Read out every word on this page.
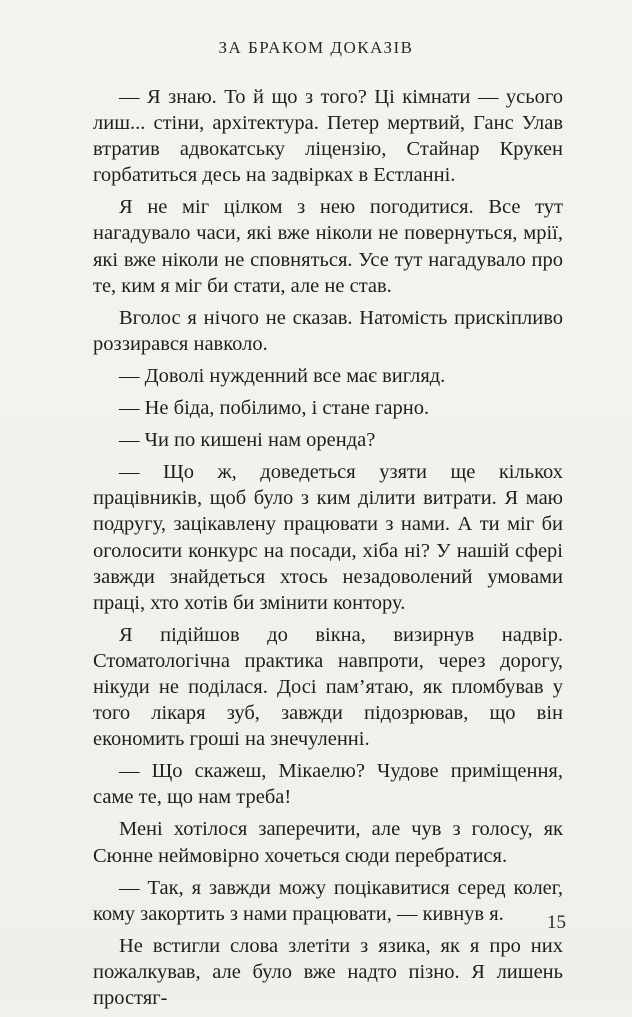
ЗА БРАКОМ ДОКАЗІВ

— Я знаю. То й що з того? Ці кімнати — усього лиш... стіни, архітектура. Петер мертвий, Ганс Улав втратив адвокатську ліцензію, Стайнар Крукен горбатиться десь на задвірках в Естланні.

Я не міг цілком з нею погодитися. Все тут нагадувало часи, які вже ніколи не повернуться, мрії, які вже ніколи не сповняться. Усе тут нагадувало про те, ким я міг би стати, але не став.

Вголос я нічого не сказав. Натомість прискіпливо роззирався навколо.

— Доволі нужденний все має вигляд.

— Не біда, побілимо, і стане гарно.

— Чи по кишені нам оренда?

— Що ж, доведеться узяти ще кількох працівників, щоб було з ким ділити витрати. Я маю подругу, зацікавлену працювати з нами. А ти міг би оголосити конкурс на посади, хіба ні? У нашій сфері завжди знайдеться хтось незадоволений умовами праці, хто хотів би змінити контору.

Я підійшов до вікна, визирнув надвір. Стоматологічна практика навпроти, через дорогу, нікуди не поділася. Досі пам’ятаю, як пломбував у того лікаря зуб, завжди підозрював, що він економить гроші на знечуленні.

— Що скажеш, Мікаелю? Чудове приміщення, саме те, що нам треба!

Мені хотілося заперечити, але чув з голосу, як Сюнне неймовірно хочеться сюди перебратися.

— Так, я завжди можу поцікавитися серед колег, кому закортить з нами працювати, — кивнув я.

Не встигли слова злетіти з язика, як я про них пожалкував, але було вже надто пізно. Я лишень простяг-

15
